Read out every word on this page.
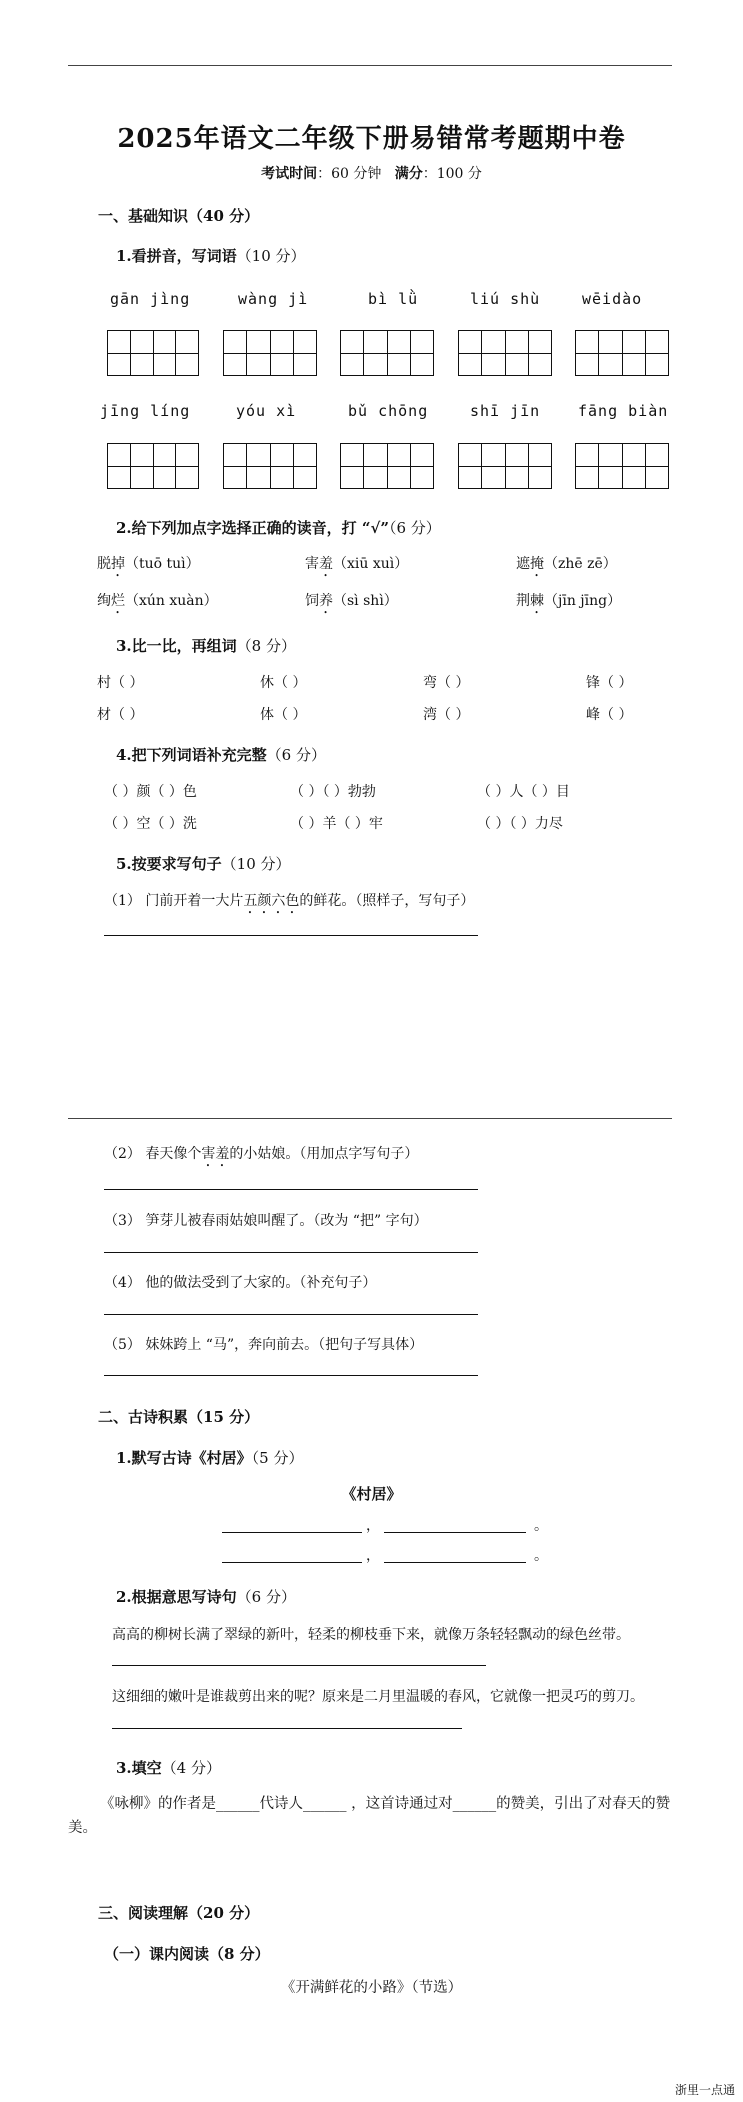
2025年语文二年级下册易错常考题期中卷
考试时间：60 分钟 满分：100 分
一、基础知识（40 分）
1.看拼音，写词语（10 分）
gān jìng	wàng jì	bì lǜ	liú shù	wēidào
jīng líng	yóu xì	bǔ chōng	shī jīn	fāng biàn
2.给下列加点字选择正确的读音，打 “√”（6 分）
脱掉（tuō tuì）	害羞（xiū xuì）	遮掩（zhē zē）
绚烂（xún xuàn）	饲养（sì shì）	荆棘（jīn jīng）
3.比一比，再组词（8 分）
村（ ）	休（ ）	弯（ ）	锋（ ）
材（ ）	体（ ）	湾（ ）	峰（ ）
4.把下列词语补充完整（6 分）
（ ）颜（ ）色	（ ）（ ）勃勃	（ ）人（ ）目
（ ）空（ ）洗	（ ）羊（ ）牢	（ ）（ ）力尽
5.按要求写句子（10 分）
（1） 门前开着一大片五颜六色的鲜花。（照样子，写句子）
（2） 春天像个害羞的小姑娘。（用加点字写句子）
（3） 笋芽儿被春雨姑娘叫醒了。（改为 “把” 字句）
（4） 他的做法受到了大家的。（补充句子）
（5） 妹妹跨上 “马”，奔向前去。（把句子写具体）
二、古诗积累（15 分）
1.默写古诗《村居》（5 分）
《村居》
，	。
，	。
2.根据意思写诗句（6 分）
高高的柳树长满了翠绿的新叶，轻柔的柳枝垂下来，就像万条轻轻飘动的绿色丝带。
这细细的嫩叶是谁裁剪出来的呢？原来是二月里温暖的春风，它就像一把灵巧的剪刀。
3.填空（4 分）
《咏柳》的作者是______代诗人______ ，这首诗通过对______的赞美，引出了对春天的赞美。
三、阅读理解（20 分）
（一）课内阅读（8 分）
《开满鲜花的小路》（节选）
浙里一点通
